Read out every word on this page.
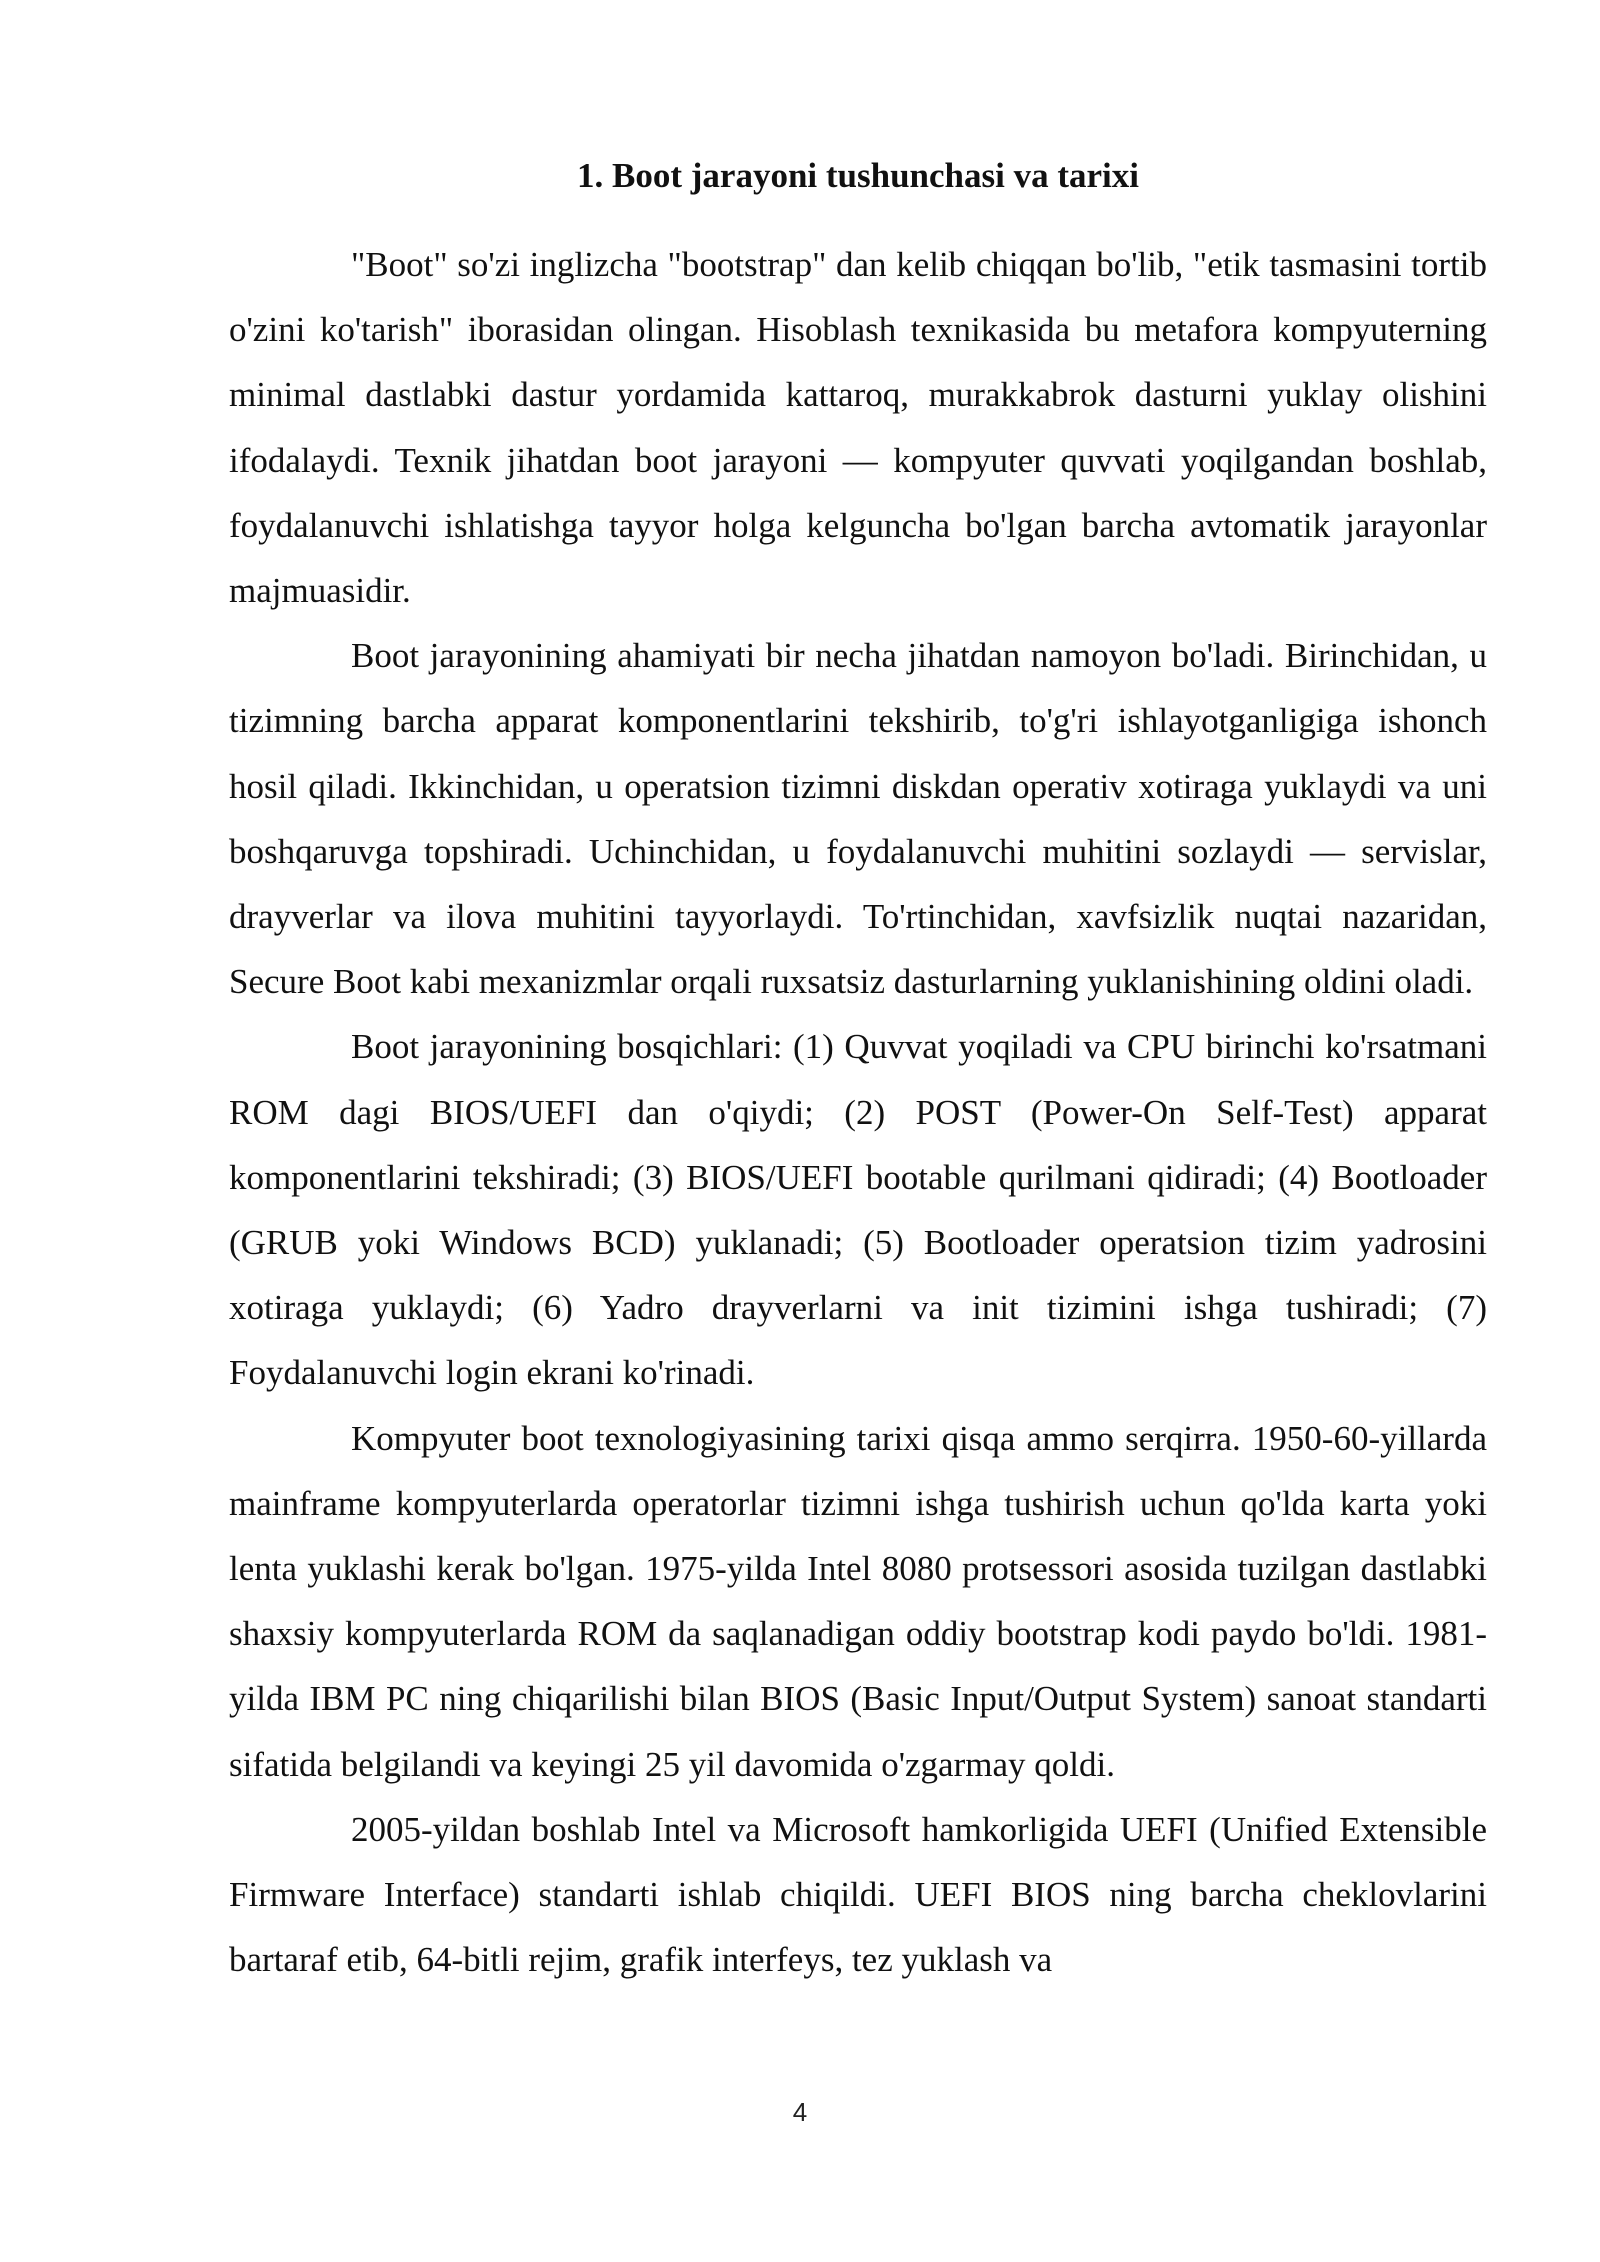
1. Boot jarayoni tushunchasi va tarixi

"Boot" so'zi inglizcha "bootstrap" dan kelib chiqqan bo'lib, "etik tasmasini tortib o'zini ko'tarish" iborasidan olingan. Hisoblash texnikasida bu metafora kompyuterning minimal dastlabki dastur yordamida kattaroq, murakkabrok dasturni yuklay olishini ifodalaydi. Texnik jihatdan boot jarayoni — kompyuter quvvati yoqilgandan boshlab, foydalanuvchi ishlatishga tayyor holga kelguncha bo'lgan barcha avtomatik jarayonlar majmuasidir.

Boot jarayonining ahamiyati bir necha jihatdan namoyon bo'ladi. Birinchidan, u tizimning barcha apparat komponentlarini tekshirib, to'g'ri ishlayotganligiga ishonch hosil qiladi. Ikkinchidan, u operatsion tizimni diskdan operativ xotiraga yuklaydi va uni boshqaruvga topshiradi. Uchinchidan, u foydalanuvchi muhitini sozlaydi — servislar, drayverlar va ilova muhitini tayyorlaydi. To'rtinchidan, xavfsizlik nuqtai nazaridan, Secure Boot kabi mexanizmlar orqali ruxsatsiz dasturlarning yuklanishining oldini oladi.

Boot jarayonining bosqichlari: (1) Quvvat yoqiladi va CPU birinchi ko'rsatmani ROM dagi BIOS/UEFI dan o'qiydi; (2) POST (Power-On Self-Test) apparat komponentlarini tekshiradi; (3) BIOS/UEFI bootable qurilmani qidiradi; (4) Bootloader (GRUB yoki Windows BCD) yuklanadi; (5) Bootloader operatsion tizim yadrosini xotiraga yuklaydi; (6) Yadro drayverlarni va init tizimini ishga tushiradi; (7) Foydalanuvchi login ekrani ko'rinadi.

Kompyuter boot texnologiyasining tarixi qisqa ammo serqirra. 1950-60-yillarda mainframe kompyuterlarda operatorlar tizimni ishga tushirish uchun qo'lda karta yoki lenta yuklashi kerak bo'lgan. 1975-yilda Intel 8080 protsessori asosida tuzilgan dastlabki shaxsiy kompyuterlarda ROM da saqlanadigan oddiy bootstrap kodi paydo bo'ldi. 1981-yilda IBM PC ning chiqarilishi bilan BIOS (Basic Input/Output System) sanoat standarti sifatida belgilandi va keyingi 25 yil davomida o'zgarmay qoldi.

2005-yildan boshlab Intel va Microsoft hamkorligida UEFI (Unified Extensible Firmware Interface) standarti ishlab chiqildi. UEFI BIOS ning barcha cheklovlarini bartaraf etib, 64-bitli rejim, grafik interfeys, tez yuklash va

4
